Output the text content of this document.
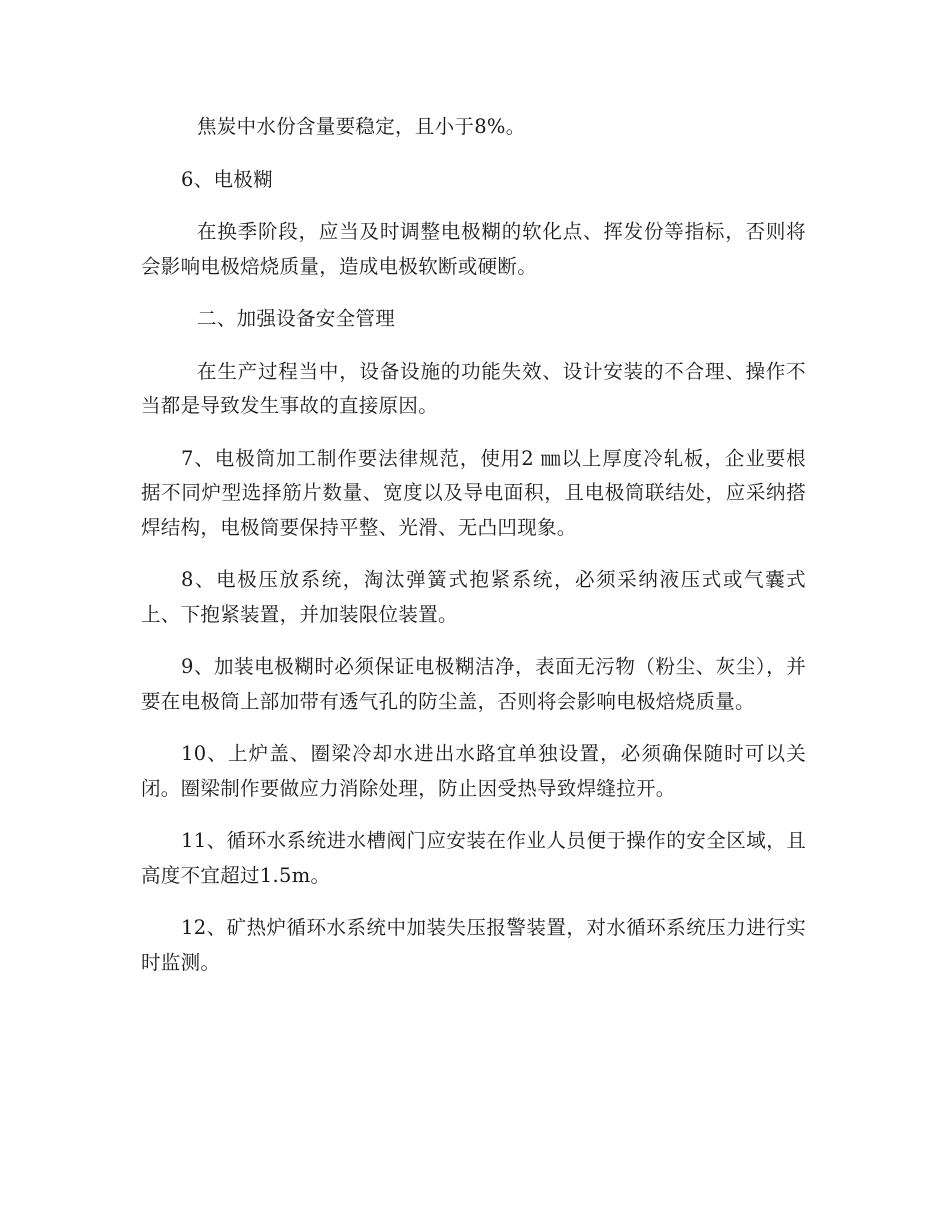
焦炭中水份含量要稳定，且小于8%。

6、电极糊

在换季阶段，应当及时调整电极糊的软化点、挥发份等指标，否则将会影响电极焙烧质量，造成电极软断或硬断。

二、加强设备安全管理

在生产过程当中，设备设施的功能失效、设计安装的不合理、操作不当都是导致发生事故的直接原因。

7、电极筒加工制作要法律规范，使用2 ㎜以上厚度冷轧板，企业要根据不同炉型选择筋片数量、宽度以及导电面积，且电极筒联结处，应采纳搭焊结构，电极筒要保持平整、光滑、无凸凹现象。

8、电极压放系统，淘汰弹簧式抱紧系统，必须采纳液压式或气囊式上、下抱紧装置，并加装限位装置。

9、加装电极糊时必须保证电极糊洁净，表面无污物（粉尘、灰尘），并要在电极筒上部加带有透气孔的防尘盖，否则将会影响电极焙烧质量。

10、上炉盖、圈梁冷却水进出水路宜单独设置，必须确保随时可以关闭。圈梁制作要做应力消除处理，防止因受热导致焊缝拉开。

11、循环水系统进水槽阀门应安装在作业人员便于操作的安全区域，且高度不宜超过1.5m。

12、矿热炉循环水系统中加装失压报警装置，对水循环系统压力进行实时监测。
